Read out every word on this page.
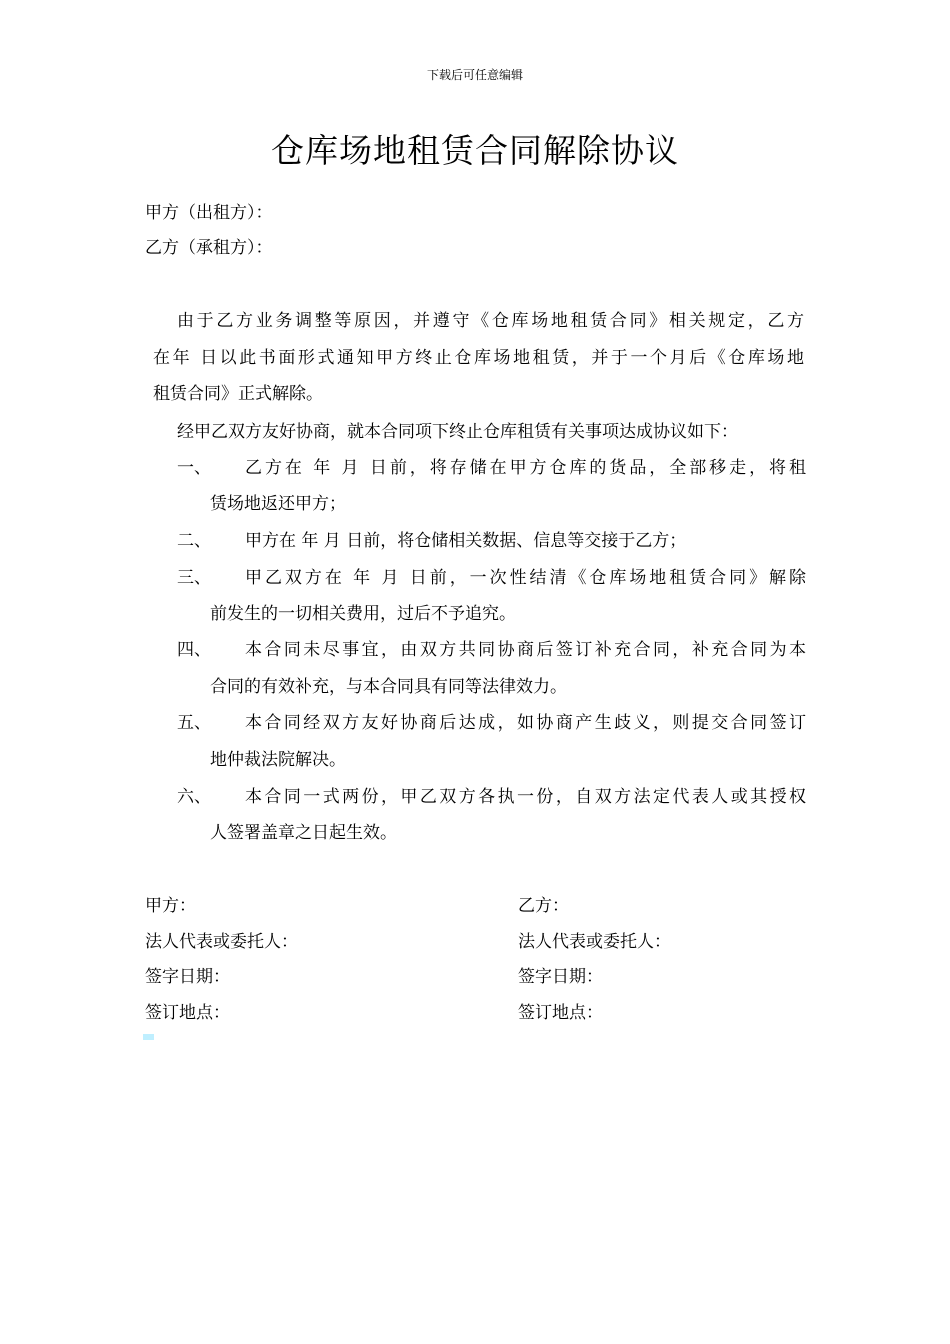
下载后可任意编辑
仓库场地租赁合同解除协议
甲方（出租方）：
乙方（承租方）：
由于乙方业务调整等原因，并遵守《仓库场地租赁合同》相关规定，乙方
在年 日以此书面形式通知甲方终止仓库场地租赁，并于一个月后《仓库场地
租赁合同》正式解除。
经甲乙双方友好协商，就本合同项下终止仓库租赁有关事项达成协议如下：
一、 乙方在 年 月 日前，将存储在甲方仓库的货品，全部移走，将租
赁场地返还甲方；
二、 甲方在 年 月 日前，将仓储相关数据、信息等交接于乙方；
三、 甲乙双方在 年 月 日前，一次性结清《仓库场地租赁合同》解除
前发生的一切相关费用，过后不予追究。
四、 本合同未尽事宜，由双方共同协商后签订补充合同，补充合同为本
合同的有效补充，与本合同具有同等法律效力。
五、 本合同经双方友好协商后达成，如协商产生歧义，则提交合同签订
地仲裁法院解决。
六、 本合同一式两份，甲乙双方各执一份，自双方法定代表人或其授权
人签署盖章之日起生效。
甲方：
法人代表或委托人：
签字日期：
签订地点：
乙方：
法人代表或委托人：
签字日期：
签订地点：
